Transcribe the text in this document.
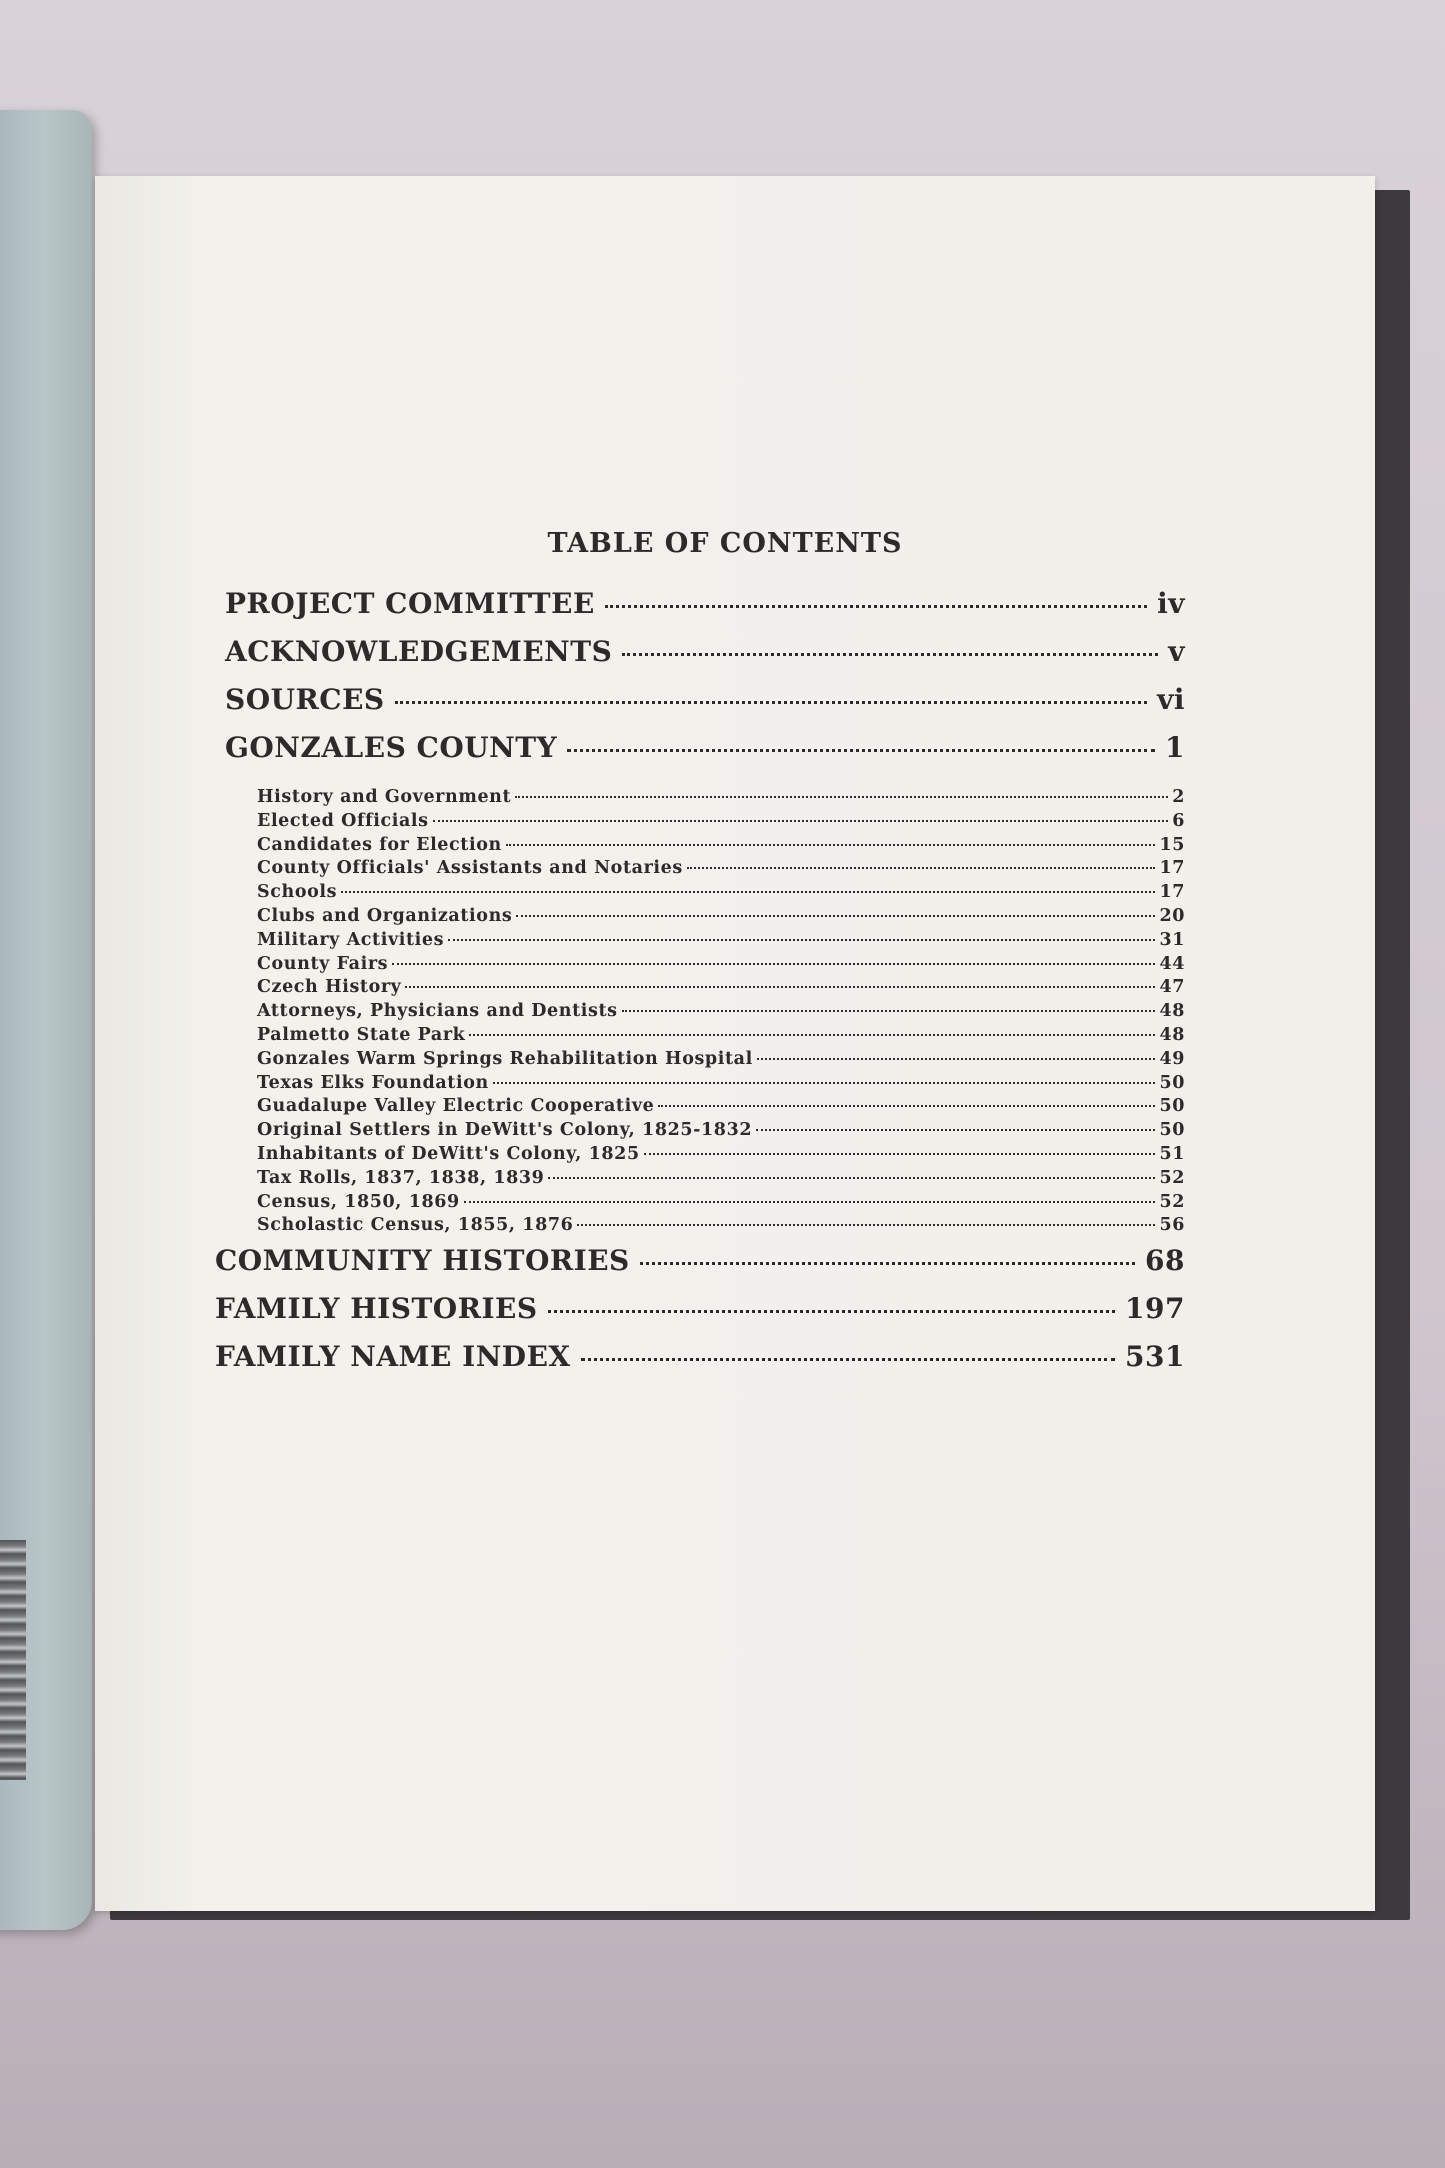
TABLE OF CONTENTS
PROJECT COMMITTEE	iv
ACKNOWLEDGEMENTS	v
SOURCES	vi
GONZALES COUNTY	1
History and Government	2
Elected Officials	6
Candidates for Election	15
County Officials' Assistants and Notaries	17
Schools	17
Clubs and Organizations	20
Military Activities	31
County Fairs	44
Czech History	47
Attorneys, Physicians and Dentists	48
Palmetto State Park	48
Gonzales Warm Springs Rehabilitation Hospital	49
Texas Elks Foundation	50
Guadalupe Valley Electric Cooperative	50
Original Settlers in DeWitt's Colony, 1825-1832	50
Inhabitants of DeWitt's Colony, 1825	51
Tax Rolls, 1837, 1838, 1839	52
Census, 1850, 1869	52
Scholastic Census, 1855, 1876	56
COMMUNITY HISTORIES	68
FAMILY HISTORIES	197
FAMILY NAME INDEX	531
